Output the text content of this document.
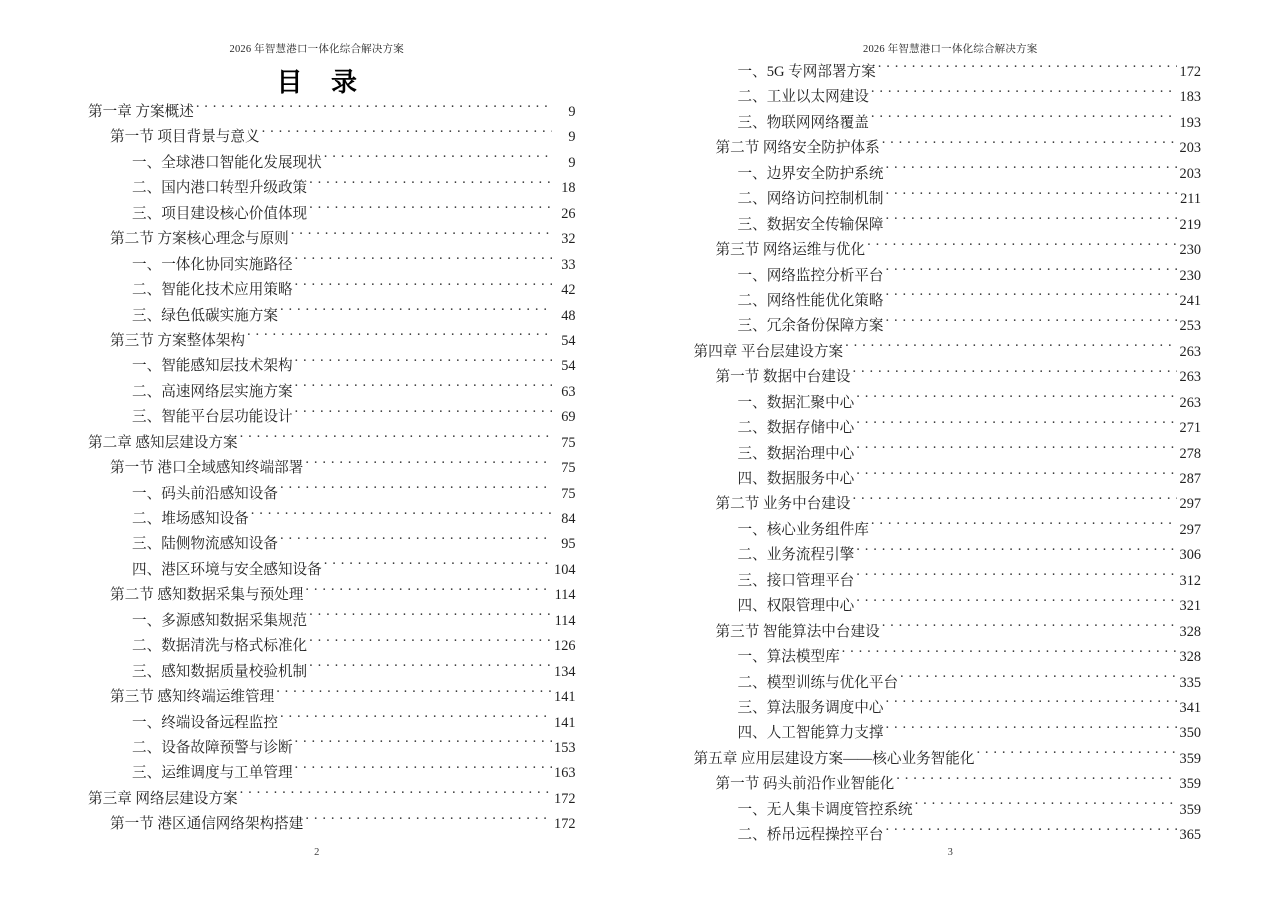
2026 年智慧港口一体化综合解决方案
目 录
第一章 方案概述 . . .	9
第一节 项目背景与意义 . . .	9
一、全球港口智能化发展现状 . . .	9
二、国内港口转型升级政策 . . .	18
三、项目建设核心价值体现 . . .	26
第二节 方案核心理念与原则 . . .	32
一、一体化协同实施路径 . . .	33
二、智能化技术应用策略 . . .	42
三、绿色低碳实施方案 . . .	48
第三节 方案整体架构 . . .	54
一、智能感知层技术架构 . . .	54
二、高速网络层实施方案 . . .	63
三、智能平台层功能设计 . . .	69
第二章 感知层建设方案 . . .	75
第一节 港口全域感知终端部署 . . .	75
一、码头前沿感知设备 . . .	75
二、堆场感知设备 . . .	84
三、陆侧物流感知设备 . . .	95
四、港区环境与安全感知设备 . . .	104
第二节 感知数据采集与预处理 . . .	114
一、多源感知数据采集规范 . . .	114
二、数据清洗与格式标准化 . . .	126
三、感知数据质量校验机制 . . .	134
第三节 感知终端运维管理 . . .	141
一、终端设备远程监控 . . .	141
二、设备故障预警与诊断 . . .	153
三、运维调度与工单管理 . . .	163
第三章 网络层建设方案 . . .	172
第一节 港区通信网络架构搭建 . . .	172
2
2026 年智慧港口一体化综合解决方案
一、5G 专网部署方案 . . .	172
二、工业以太网建设 . . .	183
三、物联网网络覆盖 . . .	193
第二节 网络安全防护体系 . . .	203
一、边界安全防护系统 . . .	203
二、网络访问控制机制 . . .	211
三、数据安全传输保障 . . .	219
第三节 网络运维与优化 . . .	230
一、网络监控分析平台 . . .	230
二、网络性能优化策略 . . .	241
三、冗余备份保障方案 . . .	253
第四章 平台层建设方案 . . .	263
第一节 数据中台建设 . . .	263
一、数据汇聚中心 . . .	263
二、数据存储中心 . . .	271
三、数据治理中心 . . .	278
四、数据服务中心 . . .	287
第二节 业务中台建设 . . .	297
一、核心业务组件库 . . .	297
二、业务流程引擎 . . .	306
三、接口管理平台 . . .	312
四、权限管理中心 . . .	321
第三节 智能算法中台建设 . . .	328
一、算法模型库 . . .	328
二、模型训练与优化平台 . . .	335
三、算法服务调度中心 . . .	341
四、人工智能算力支撑 . . .	350
第五章 应用层建设方案——核心业务智能化 . . .	359
第一节 码头前沿作业智能化 . . .	359
一、无人集卡调度管控系统 . . .	359
二、桥吊远程操控平台 . . .	365
3
